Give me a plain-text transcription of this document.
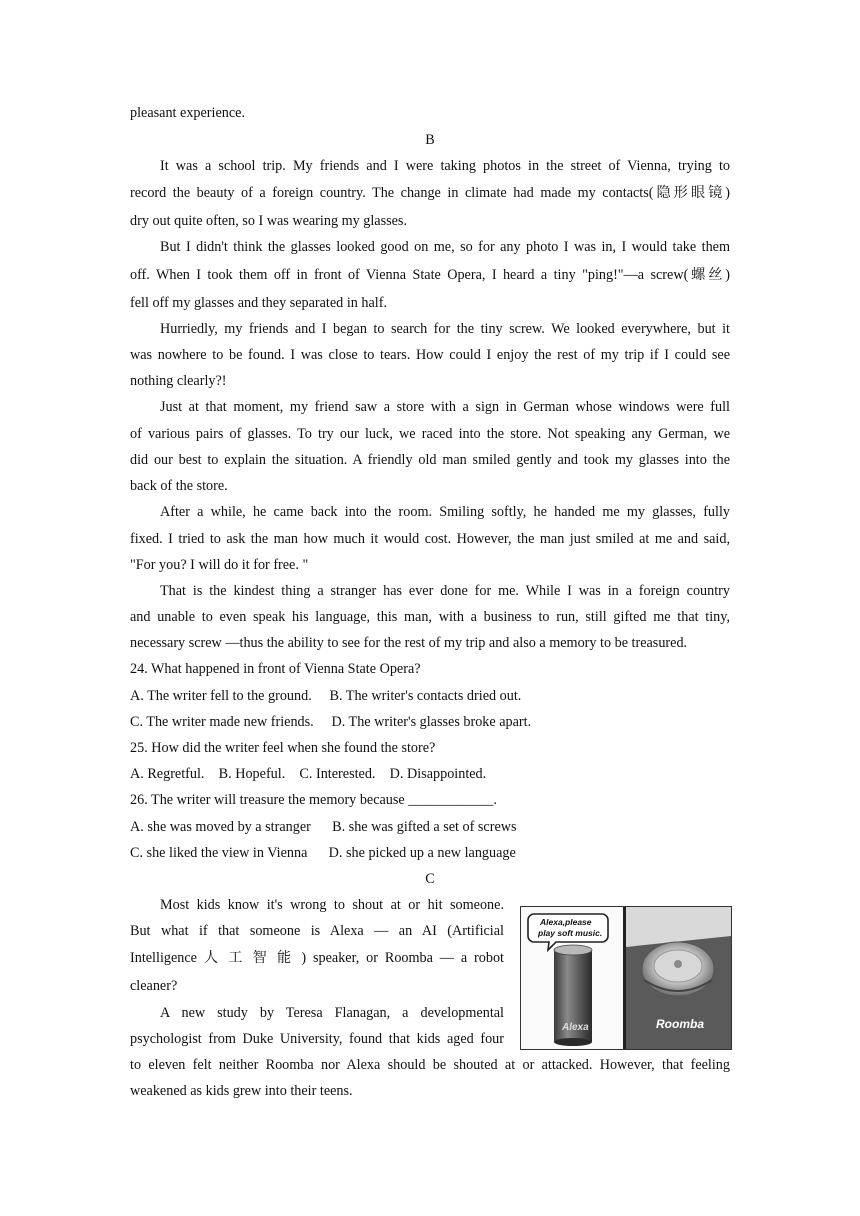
pleasant experience.
B
It was a school trip. My friends and I were taking photos in the street of Vienna, trying to
record the beauty of a foreign country. The change in climate had made my contacts(隐形眼镜)
dry out quite often, so I was wearing my glasses.
But I didn't think the glasses looked good on me, so for any photo I was in, I would take them
off. When I took them off in front of Vienna State Opera, I heard a tiny "ping!"—a screw(螺丝)
fell off my glasses and they separated in half.
Hurriedly, my friends and I began to search for the tiny screw. We looked everywhere, but it
was nowhere to be found. I was close to tears. How could I enjoy the rest of my trip if I could see
nothing clearly?!
Just at that moment, my friend saw a store with a sign in German whose windows were full
of various pairs of glasses. To try our luck, we raced into the store. Not speaking any German, we
did our best to explain the situation. A friendly old man smiled gently and took my glasses into the
back of the store.
After a while, he came back into the room. Smiling softly, he handed me my glasses, fully
fixed. I tried to ask the man how much it would cost. However, the man just smiled at me and said,
"For you? I will do it for free. "
That is the kindest thing a stranger has ever done for me. While I was in a foreign country
and unable to even speak his language, this man, with a business to run, still gifted me that tiny,
necessary screw —thus the ability to see for the rest of my trip and also a memory to be treasured.
24. What happened in front of Vienna State Opera?
A. The writer fell to the ground.     B. The writer's contacts dried out.
C. The writer made new friends.     D. The writer's glasses broke apart.
25. How did the writer feel when she found the store?
A. Regretful.    B. Hopeful.    C. Interested.    D. Disappointed.
26. The writer will treasure the memory because ____________.
A. she was moved by a stranger      B. she was gifted a set of screws
C. she liked the view in Vienna      D. she picked up a new language
C
Most kids know it's wrong to shout at or hit someone.
But what if that someone is Alexa — an AI (Artificial
Intelligence 人 工 智 能 ) speaker, or Roomba — a robot
cleaner?
A new study by Teresa Flanagan, a developmental
psychologist from Duke University, found that kids aged four
to eleven felt neither Roomba nor Alexa should be shouted at or attacked. However, that feeling
weakened as kids grew into their teens.
Alexa,please
play soft music.
Alexa	Roomba
